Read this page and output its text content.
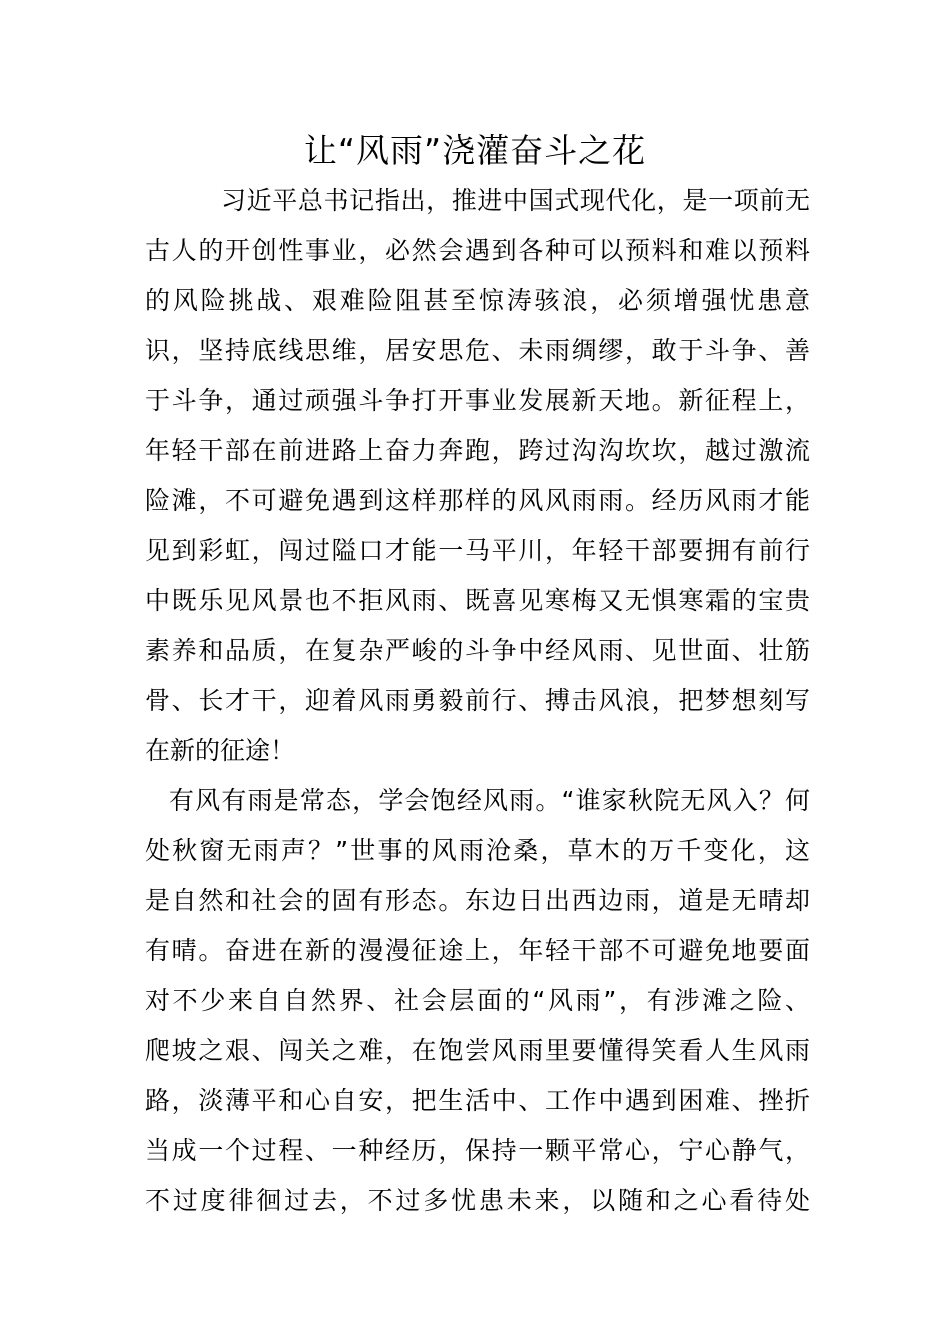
让“风雨”浇灌奋斗之花
习近平总书记指出，推进中国式现代化，是一项前无
古人的开创性事业，必然会遇到各种可以预料和难以预料
的风险挑战、艰难险阻甚至惊涛骇浪，必须增强忧患意
识，坚持底线思维，居安思危、未雨绸缪，敢于斗争、善
于斗争，通过顽强斗争打开事业发展新天地。新征程上，
年轻干部在前进路上奋力奔跑，跨过沟沟坎坎，越过激流
险滩，不可避免遇到这样那样的风风雨雨。经历风雨才能
见到彩虹，闯过隘口才能一马平川，年轻干部要拥有前行
中既乐见风景也不拒风雨、既喜见寒梅又无惧寒霜的宝贵
素养和品质，在复杂严峻的斗争中经风雨、见世面、壮筋
骨、长才干，迎着风雨勇毅前行、搏击风浪，把梦想刻写
在新的征途！
有风有雨是常态，学会饱经风雨。“谁家秋院无风入？何
处秋窗无雨声？”世事的风雨沧桑，草木的万千变化，这
是自然和社会的固有形态。东边日出西边雨，道是无晴却
有晴。奋进在新的漫漫征途上，年轻干部不可避免地要面
对不少来自自然界、社会层面的“风雨”，有涉滩之险、
爬坡之艰、闯关之难，在饱尝风雨里要懂得笑看人生风雨
路，淡薄平和心自安，把生活中、工作中遇到困难、挫折
当成一个过程、一种经历，保持一颗平常心，宁心静气，
不过度徘徊过去，不过多忧患未来，以随和之心看待处
